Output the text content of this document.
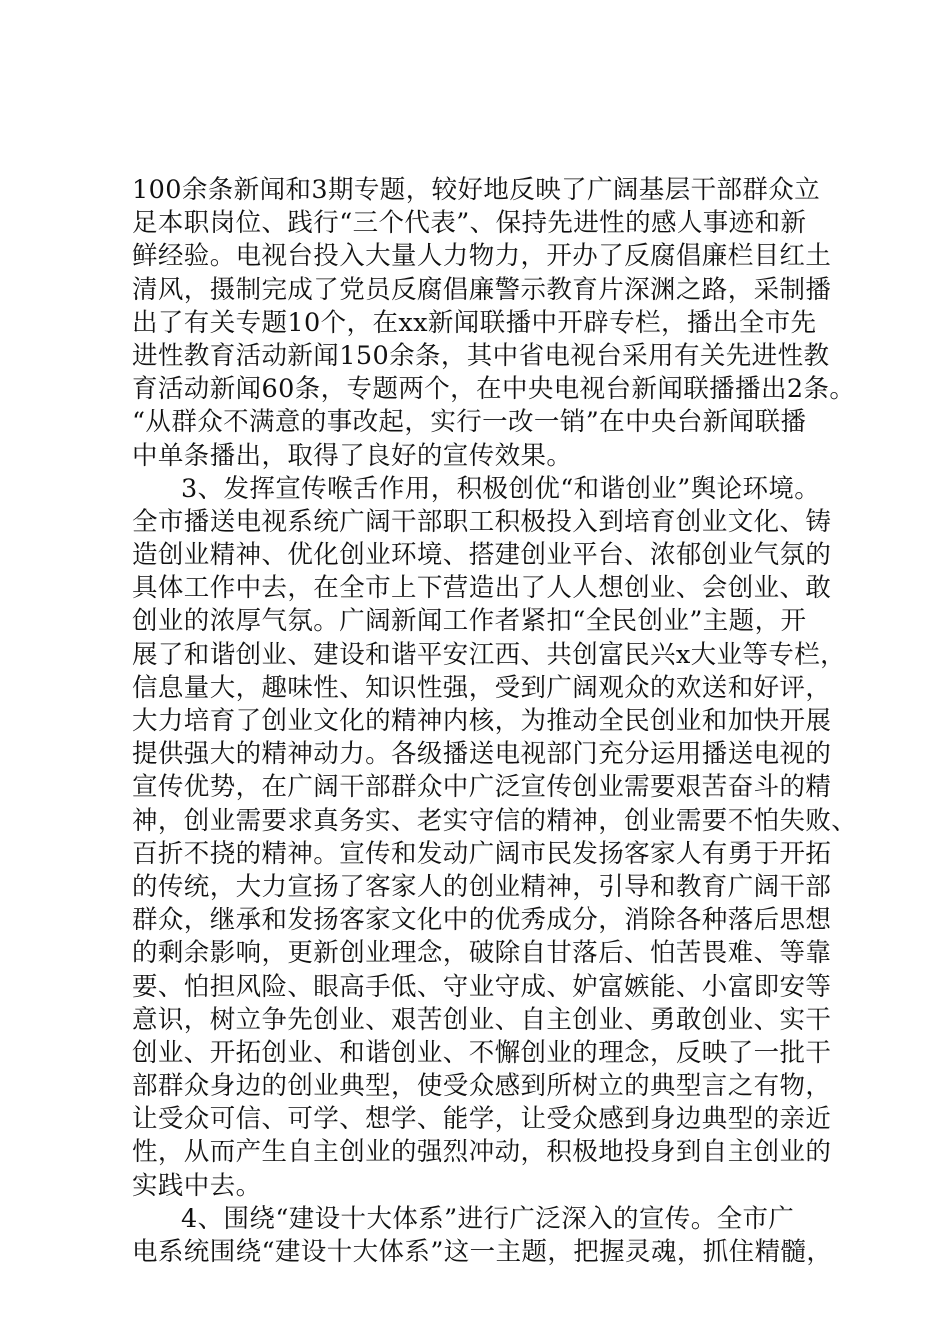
100余条新闻和3期专题，较好地反映了广阔基层干部群众立
足本职岗位、践行“三个代表”、保持先进性的感人事迹和新
鲜经验。电视台投入大量人力物力，开办了反腐倡廉栏目红土
清风，摄制完成了党员反腐倡廉警示教育片深渊之路，采制播
出了有关专题10个，在xx新闻联播中开辟专栏，播出全市先
进性教育活动新闻150余条，其中省电视台采用有关先进性教
育活动新闻60条，专题两个，在中央电视台新闻联播播出2条。
“从群众不满意的事改起，实行一改一销”在中央台新闻联播
中单条播出，取得了良好的宣传效果。
3、发挥宣传喉舌作用，积极创优“和谐创业”舆论环境。
全市播送电视系统广阔干部职工积极投入到培育创业文化、铸
造创业精神、优化创业环境、搭建创业平台、浓郁创业气氛的
具体工作中去，在全市上下营造出了人人想创业、会创业、敢
创业的浓厚气氛。广阔新闻工作者紧扣“全民创业”主题，开
展了和谐创业、建设和谐平安江西、共创富民兴x大业等专栏，
信息量大，趣味性、知识性强，受到广阔观众的欢送和好评，
大力培育了创业文化的精神内核，为推动全民创业和加快开展
提供强大的精神动力。各级播送电视部门充分运用播送电视的
宣传优势，在广阔干部群众中广泛宣传创业需要艰苦奋斗的精
神，创业需要求真务实、老实守信的精神，创业需要不怕失败、
百折不挠的精神。宣传和发动广阔市民发扬客家人有勇于开拓
的传统，大力宣扬了客家人的创业精神，引导和教育广阔干部
群众，继承和发扬客家文化中的优秀成分，消除各种落后思想
的剩余影响，更新创业理念，破除自甘落后、怕苦畏难、等靠
要、怕担风险、眼高手低、守业守成、妒富嫉能、小富即安等
意识，树立争先创业、艰苦创业、自主创业、勇敢创业、实干
创业、开拓创业、和谐创业、不懈创业的理念，反映了一批干
部群众身边的创业典型，使受众感到所树立的典型言之有物，
让受众可信、可学、想学、能学，让受众感到身边典型的亲近
性，从而产生自主创业的强烈冲动，积极地投身到自主创业的
实践中去。
4、围绕“建设十大体系”进行广泛深入的宣传。全市广
电系统围绕“建设十大体系”这一主题，把握灵魂，抓住精髓，
